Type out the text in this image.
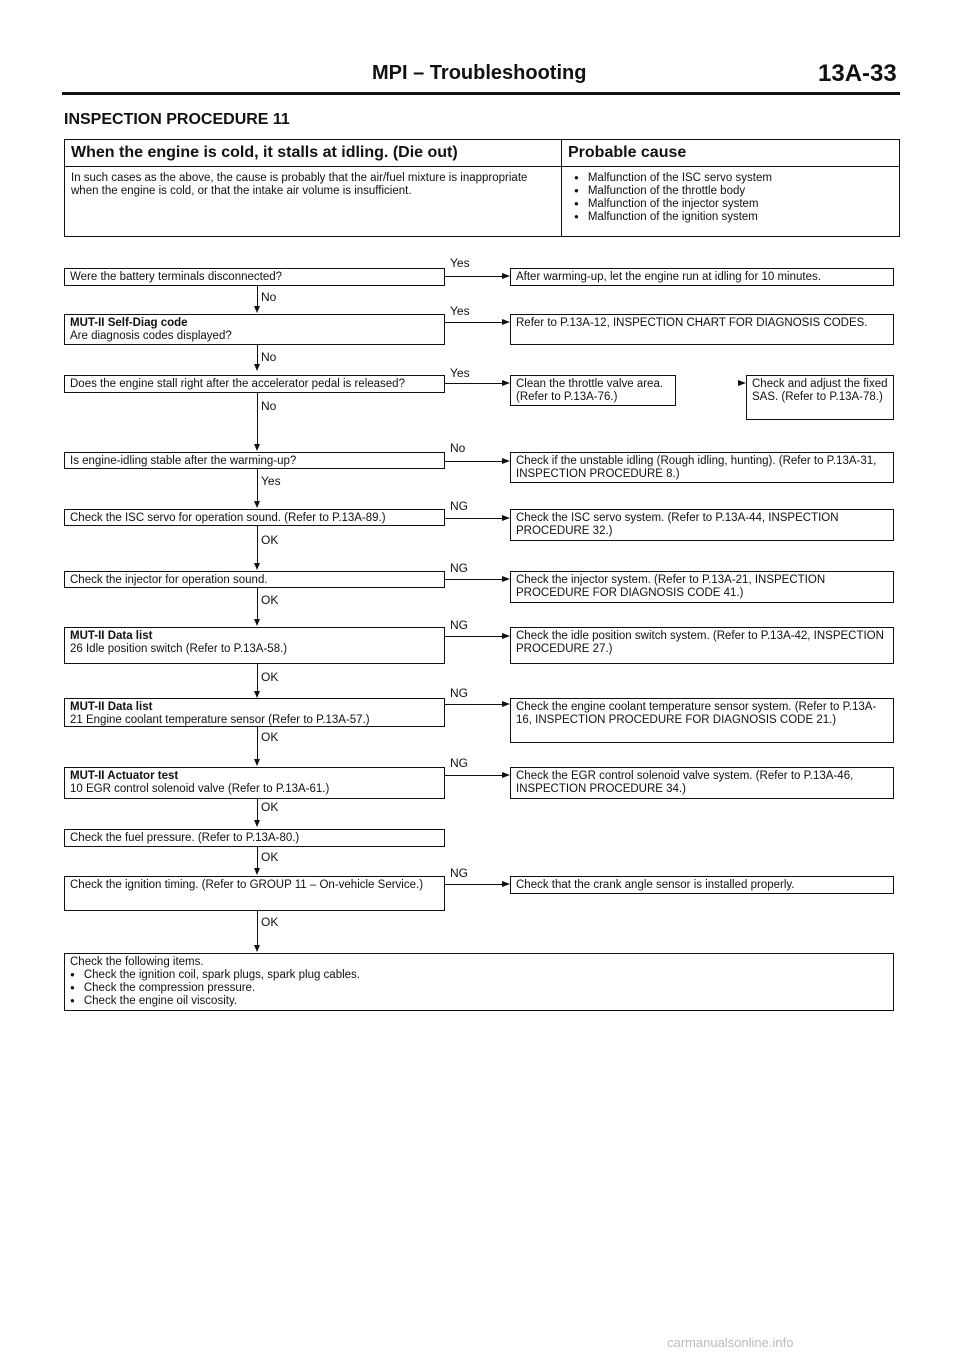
MPI – Troubleshooting	13A-33
INSPECTION PROCEDURE 11
When the engine is cold, it stalls at idling. (Die out)
In such cases as the above, the cause is probably that the air/fuel mixture is inappropriate when the engine is cold, or that the intake air volume is insufficient.
Probable cause
● Malfunction of the ISC servo system
● Malfunction of the throttle body
● Malfunction of the injector system
● Malfunction of the ignition system
Were the battery terminals disconnected?
Yes
After warming-up, let the engine run at idling for 10 minutes.
No
MUT-II Self-Diag code
Are diagnosis codes displayed?
Yes
Refer to P.13A-12, INSPECTION CHART FOR DIAGNOSIS CODES.
No
Does the engine stall right after the accelerator pedal is released?
Yes
Clean the throttle valve area. (Refer to P.13A-76.)
Check and adjust the fixed SAS. (Refer to P.13A-78.)
No
Is engine-idling stable after the warming-up?
No
Check if the unstable idling (Rough idling, hunting). (Refer to P.13A-31, INSPECTION PROCEDURE 8.)
Yes
Check the ISC servo for operation sound. (Refer to P.13A-89.)
NG
Check the ISC servo system. (Refer to P.13A-44, INSPECTION PROCEDURE 32.)
OK
Check the injector for operation sound.
NG
Check the injector system. (Refer to P.13A-21, INSPECTION PROCEDURE FOR DIAGNOSIS CODE 41.)
OK
MUT-II Data list
26 Idle position switch (Refer to P.13A-58.)
NG
Check the idle position switch system. (Refer to P.13A-42, INSPECTION PROCEDURE 27.)
OK
MUT-II Data list
21 Engine coolant temperature sensor (Refer to P.13A-57.)
NG
Check the engine coolant temperature sensor system. (Refer to P.13A-16, INSPECTION PROCEDURE FOR DIAGNOSIS CODE 21.)
OK
MUT-II Actuator test
10 EGR control solenoid valve (Refer to P.13A-61.)
NG
Check the EGR control solenoid valve system. (Refer to P.13A-46, INSPECTION PROCEDURE 34.)
OK
Check the fuel pressure. (Refer to P.13A-80.)
OK
Check the ignition timing. (Refer to GROUP 11 – On-vehicle Service.)
NG
Check that the crank angle sensor is installed properly.
OK
Check the following items.
● Check the ignition coil, spark plugs, spark plug cables.
● Check the compression pressure.
● Check the engine oil viscosity.
carmanualsonline.info
